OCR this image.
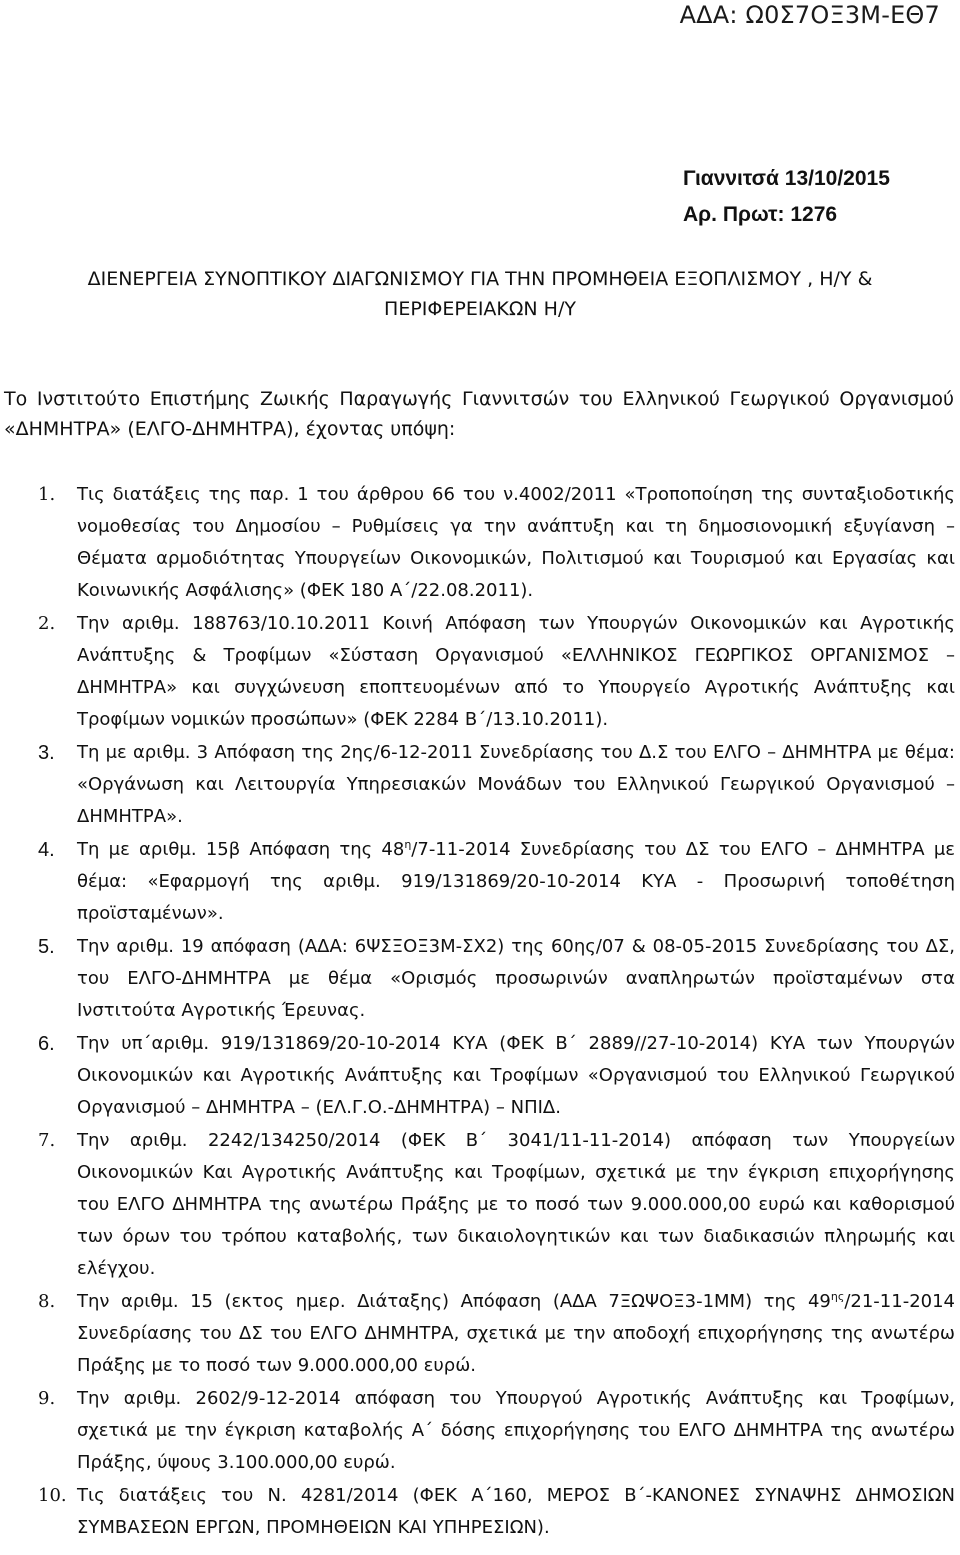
ΑΔΑ: Ω0Σ7ΟΞ3Μ-ΕΘ7
Γιαννιτσά 13/10/2015
Αρ. Πρωτ: 1276
ΔΙΕΝΕΡΓΕΙΑ ΣΥΝΟΠΤΙΚΟΥ ΔΙΑΓΩΝΙΣΜΟΥ ΓΙΑ ΤΗΝ ΠΡΟΜΗΘΕΙΑ ΕΞΟΠΛΙΣΜΟΥ , Η/Υ &
ΠΕΡΙΦΕΡΕΙΑΚΩΝ Η/Υ
Το Ινστιτούτο Επιστήμης Ζωικής Παραγωγής Γιαννιτσών του Ελληνικού Γεωργικού Οργανισμού «ΔΗΜΗΤΡΑ» (ΕΛΓΟ-ΔΗΜΗΤΡΑ), έχοντας υπόψη:
1. Τις διατάξεις της παρ. 1 του άρθρου 66 του ν.4002/2011 «Τροποποίηση της συνταξιοδοτικής νομοθεσίας του Δημοσίου – Ρυθμίσεις γα την ανάπτυξη και τη δημοσιονομική εξυγίανση – Θέματα αρμοδιότητας Υπουργείων Οικονομικών, Πολιτισμού και Τουρισμού και Εργασίας και Κοινωνικής Ασφάλισης» (ΦΕΚ 180 Α΄/22.08.2011).
2. Την αριθμ. 188763/10.10.2011 Κοινή Απόφαση των Υπουργών Οικονομικών και Αγροτικής Ανάπτυξης & Τροφίμων «Σύσταση Οργανισμού «ΕΛΛΗΝΙΚΟΣ ΓΕΩΡΓΙΚΟΣ ΟΡΓΑΝΙΣΜΟΣ – ΔΗΜΗΤΡΑ» και συγχώνευση εποπτευομένων από το Υπουργείο Αγροτικής Ανάπτυξης και Τροφίμων νομικών προσώπων» (ΦΕΚ 2284 Β΄/13.10.2011).
3. Τη με αριθμ. 3 Απόφαση της 2ης/6-12-2011 Συνεδρίασης του Δ.Σ του ΕΛΓΟ – ΔΗΜΗΤΡΑ με θέμα: «Οργάνωση και Λειτουργία Υπηρεσιακών Μονάδων του Ελληνικού Γεωργικού Οργανισμού – ΔΗΜΗΤΡΑ».
4. Τη με αριθμ. 15β Απόφαση της $48^\eta/7-11-2014$ Συνεδρίασης του ΔΣ του ΕΛΓΟ – ΔΗΜΗΤΡΑ με θέμα: «Εφαρμογή της αριθμ. 919/131869/20-10-2014 ΚΥΑ - Προσωρινή τοποθέτηση προϊσταμένων».
5. Την αριθμ. 19 απόφαση (ΑΔΑ: 6ΨΣΞΟΞ3Μ-ΣΧ2) της 60ης/07 & 08-05-2015 Συνεδρίασης του ΔΣ, του ΕΛΓΟ-ΔΗΜΗΤΡΑ με θέμα «Ορισμός προσωρινών αναπληρωτών προϊσταμένων στα Ινστιτούτα Αγροτικής Έρευνας.
6. Την υπ΄αριθμ. 919/131869/20-10-2014 ΚΥΑ (ΦΕΚ Β΄ 2889//27-10-2014) ΚΥΑ των Υπουργών Οικονομικών και Αγροτικής Ανάπτυξης και Τροφίμων «Οργανισμού του Ελληνικού Γεωργικού Οργανισμού – ΔΗΜΗΤΡΑ – (ΕΛ.Γ.Ο.-ΔΗΜΗΤΡΑ) – ΝΠΙΔ.
7. Την αριθμ. 2242/134250/2014 (ΦΕΚ Β΄ 3041/11-11-2014) απόφαση των Υπουργείων Οικονομικών Και Αγροτικής Ανάπτυξης και Τροφίμων, σχετικά με την έγκριση επιχορήγησης του ΕΛΓΟ ΔΗΜΗΤΡΑ της ανωτέρω Πράξης με το ποσό των 9.000.000,00 ευρώ και καθορισμού των όρων του τρόπου καταβολής, των δικαιολογητικών και των διαδικασιών πληρωμής και ελέγχου.
8. Την αριθμ. 15 (εκτος ημερ. Διάταξης) Απόφαση (ΑΔΑ 7ΞΩΨΟΞ3-1ΜΜ) της $49^{\eta\varsigma}/21-11-2014$ Συνεδρίασης του ΔΣ του ΕΛΓΟ ΔΗΜΗΤΡΑ, σχετικά με την αποδοχή επιχορήγησης της ανωτέρω Πράξης με το ποσό των 9.000.000,00 ευρώ.
9. Την αριθμ. 2602/9-12-2014 απόφαση του Υπουργού Αγροτικής Ανάπτυξης και Τροφίμων, σχετικά με την έγκριση καταβολής Α΄ δόσης επιχορήγησης του ΕΛΓΟ ΔΗΜΗΤΡΑ της ανωτέρω Πράξης, ύψους 3.100.000,00 ευρώ.
10. Τις διατάξεις του Ν. 4281/2014 (ΦΕΚ Α΄160, ΜΕΡΟΣ Β΄-ΚΑΝΟΝΕΣ ΣΥΝΑΨΗΣ ΔΗΜΟΣΙΩΝ ΣΥΜΒΑΣΕΩΝ ΕΡΓΩΝ, ΠΡΟΜΗΘΕΙΩΝ ΚΑΙ ΥΠΗΡΕΣΙΩΝ).
